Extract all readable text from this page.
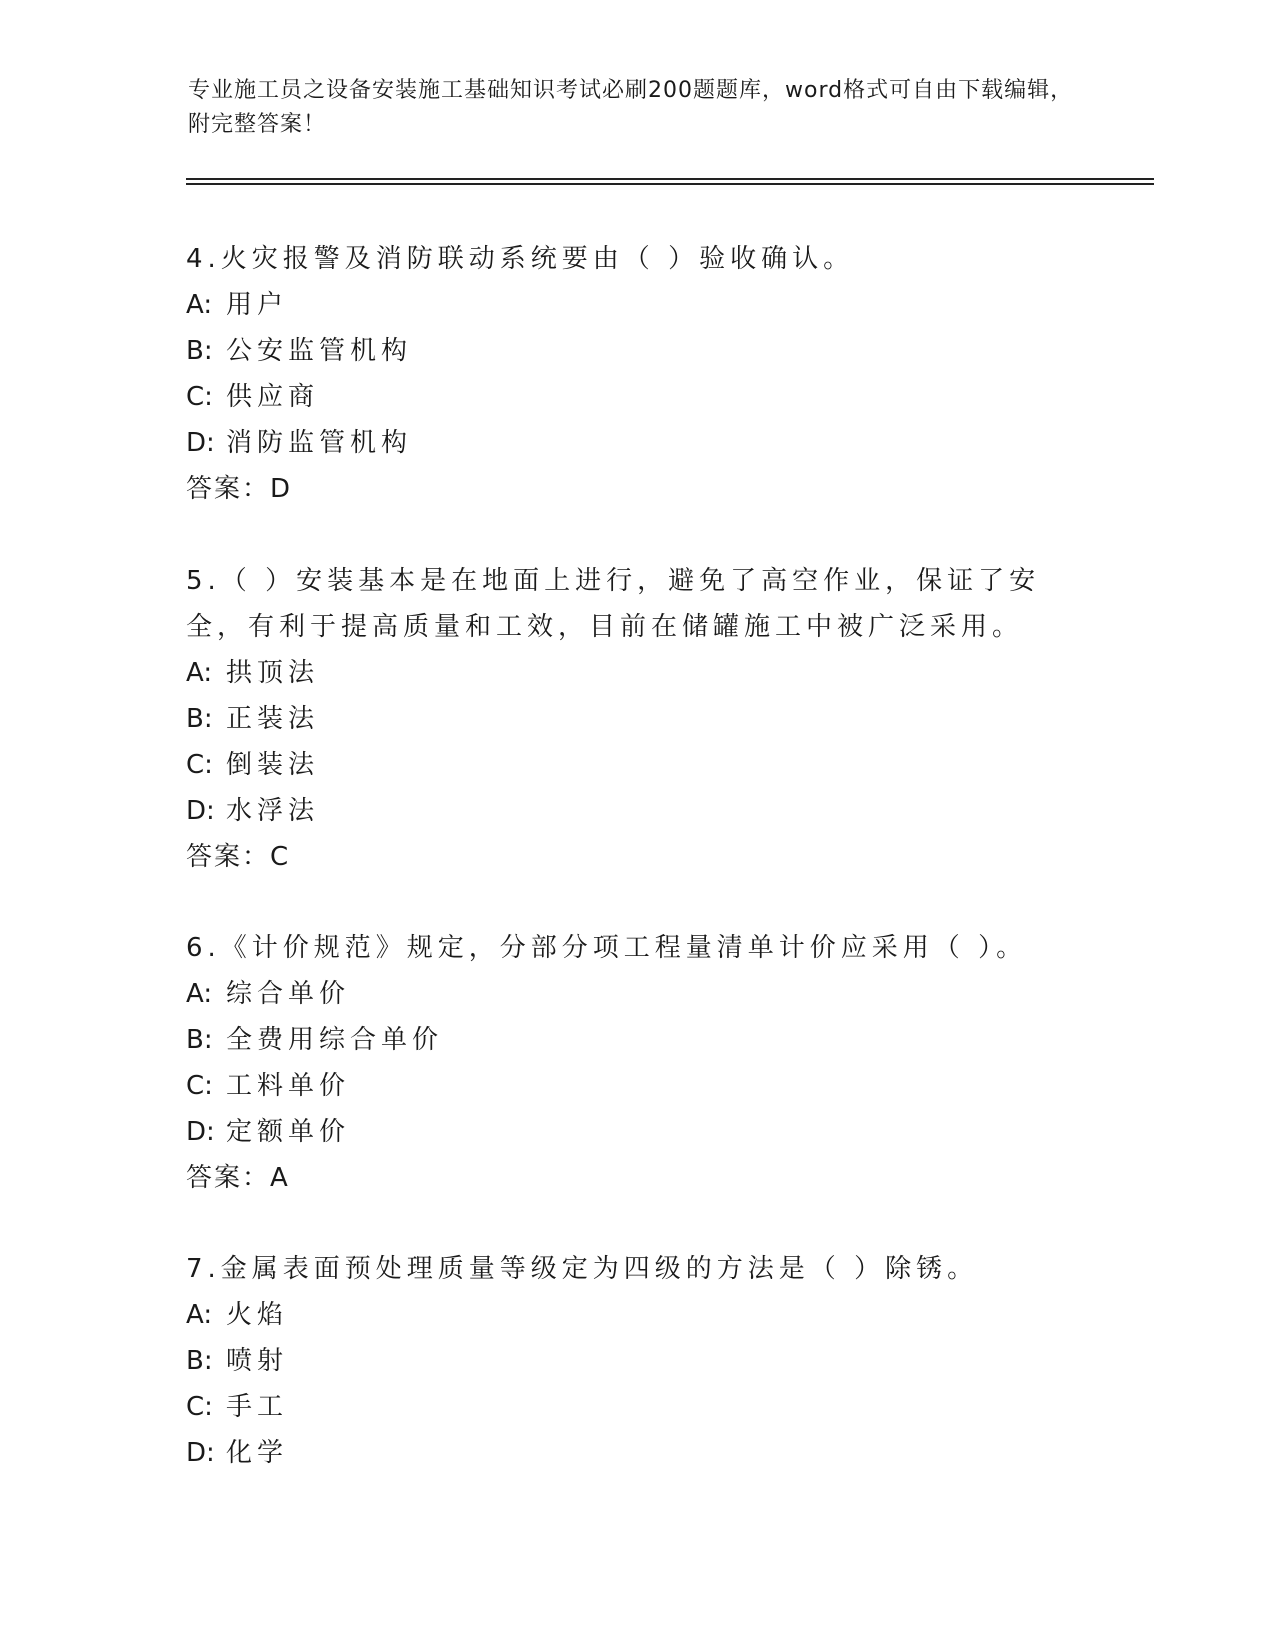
专业施工员之设备安装施工基础知识考试必刷200题题库，word格式可自由下载编辑，附完整答案！

4.火灾报警及消防联动系统要由（ ）验收确认。

A: 用户
B: 公安监管机构
C: 供应商
D: 消防监管机构
答案：D

5.（ ）安装基本是在地面上进行，避免了高空作业，保证了安全，有利于提高质量和工效，目前在储罐施工中被广泛采用。

A: 拱顶法
B: 正装法
C: 倒装法
D: 水浮法
答案：C

6.《计价规范》规定，分部分项工程量清单计价应采用（ ）。

A: 综合单价
B: 全费用综合单价
C: 工料单价
D: 定额单价
答案：A

7.金属表面预处理质量等级定为四级的方法是（ ）除锈。

A: 火焰
B: 喷射
C: 手工
D: 化学
